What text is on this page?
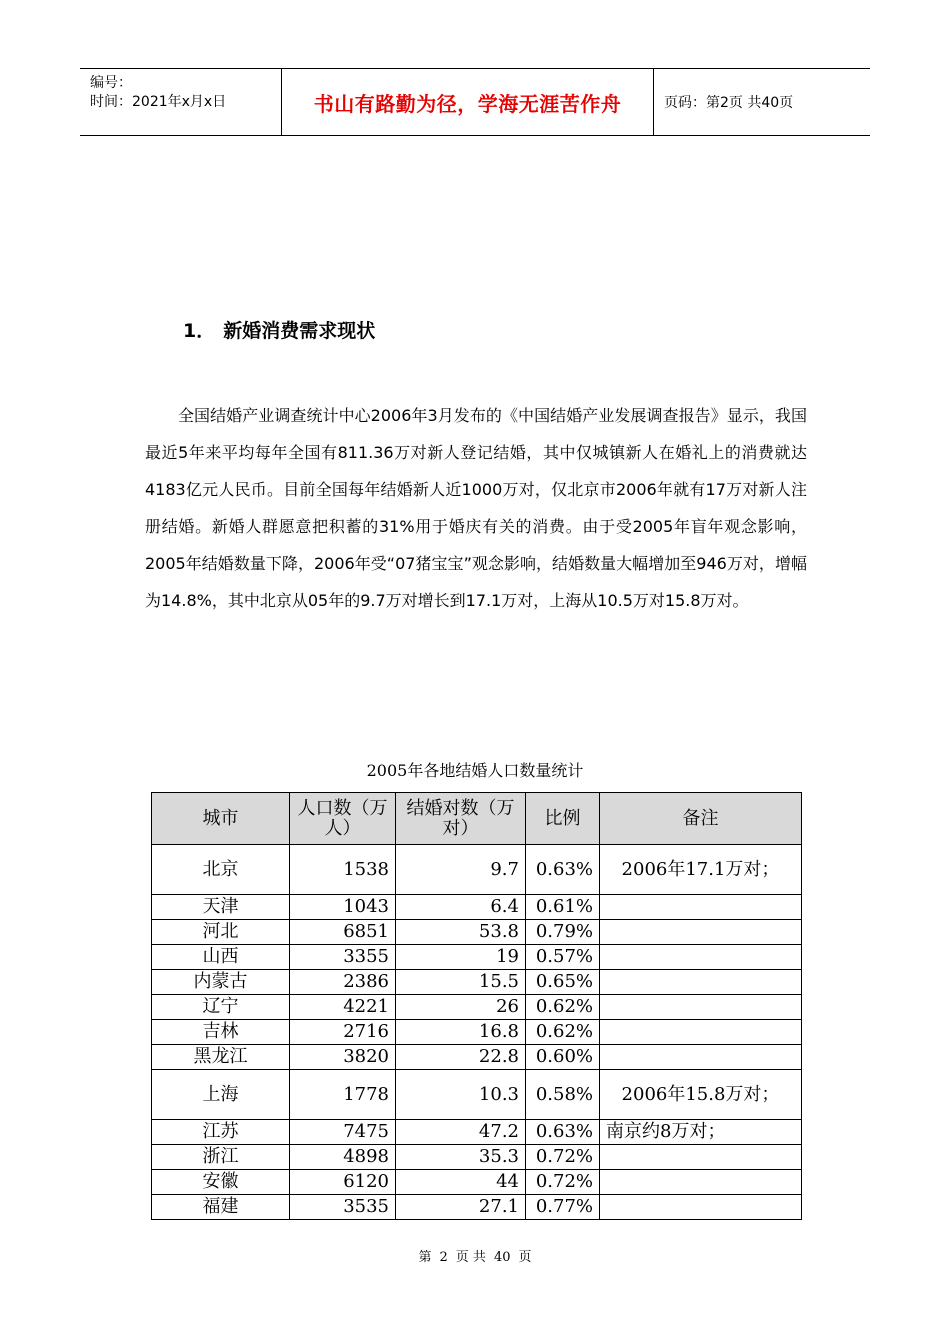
编号：
时间：2021年x月x日	书山有路勤为径，学海无涯苦作舟	页码：第2页 共40页
1． 新婚消费需求现状
全国结婚产业调查统计中心2006年3月发布的《中国结婚产业发展调查报告》显示，我国最近5年来平均每年全国有811.36万对新人登记结婚，其中仅城镇新人在婚礼上的消费就达4183亿元人民币。目前全国每年结婚新人近1000万对，仅北京市2006年就有17万对新人注册结婚。新婚人群愿意把积蓄的31%用于婚庆有关的消费。由于受2005年盲年观念影响，2005年结婚数量下降，2006年受“07猪宝宝”观念影响，结婚数量大幅增加至946万对，增幅为14.8%，其中北京从05年的9.7万对增长到17.1万对，上海从10.5万对15.8万对。
2005年各地结婚人口数量统计
城市	人口数（万人）	结婚对数（万对）	比例	备注
北京	1538	9.7	0.63%	2006年17.1万对；
天津	1043	6.4	0.61%	
河北	6851	53.8	0.79%	
山西	3355	19	0.57%	
内蒙古	2386	15.5	0.65%	
辽宁	4221	26	0.62%	
吉林	2716	16.8	0.62%	
黑龙江	3820	22.8	0.60%	
上海	1778	10.3	0.58%	2006年15.8万对；
江苏	7475	47.2	0.63%	南京约8万对；
浙江	4898	35.3	0.72%	
安徽	6120	44	0.72%	
福建	3535	27.1	0.77%	
第 2 页 共 40 页
